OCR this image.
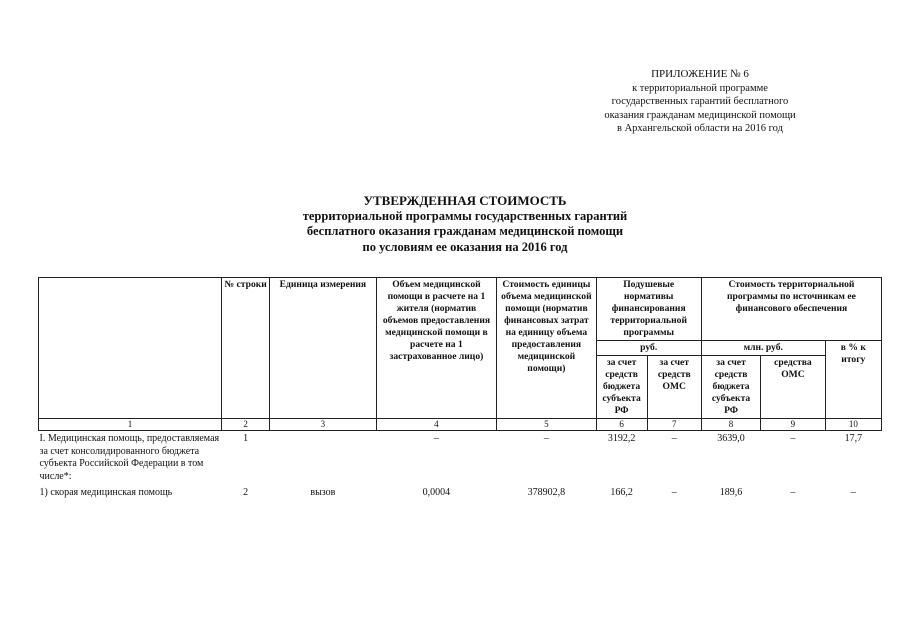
ПРИЛОЖЕНИЕ № 6
к территориальной программе
государственных гарантий бесплатного
оказания гражданам медицинской помощи
в Архангельской области на 2016 год
УТВЕРЖДЕННАЯ СТОИМОСТЬ
территориальной программы государственных гарантий
бесплатного оказания гражданам медицинской помощи
по условиям ее оказания на 2016 год
	№ строки	Единица измерения	Объем медицинской помощи в расчете на 1 жителя (норматив объемов предоставления медицинской помощи в расчете на 1 застрахованное лицо)	Стоимость единицы объема медицинской помощи (норматив финансовых затрат на единицу объема предоставления медицинской помощи)	Подушевые нормативы финансирования территориальной программы		Стоимость территориальной программы по источникам ее финансового обеспечения		
					руб.		млн. руб.		в % к итогу
					за счет средств бюджета субъекта РФ	за счет средств ОМС	за счет средств бюджета субъекта РФ	средства ОМС	
1	2	3	4	5	6	7	8	9	10
I. Медицинская помощь, предоставляемая за счет консолидированного бюджета субъекта Российской Федерации в том числе*:	1		–	–	3192,2	–	3639,0	–	17,7
1) скорая медицинская помощь	2	вызов	0,0004	378902,8	166,2	–	189,6	–	–
